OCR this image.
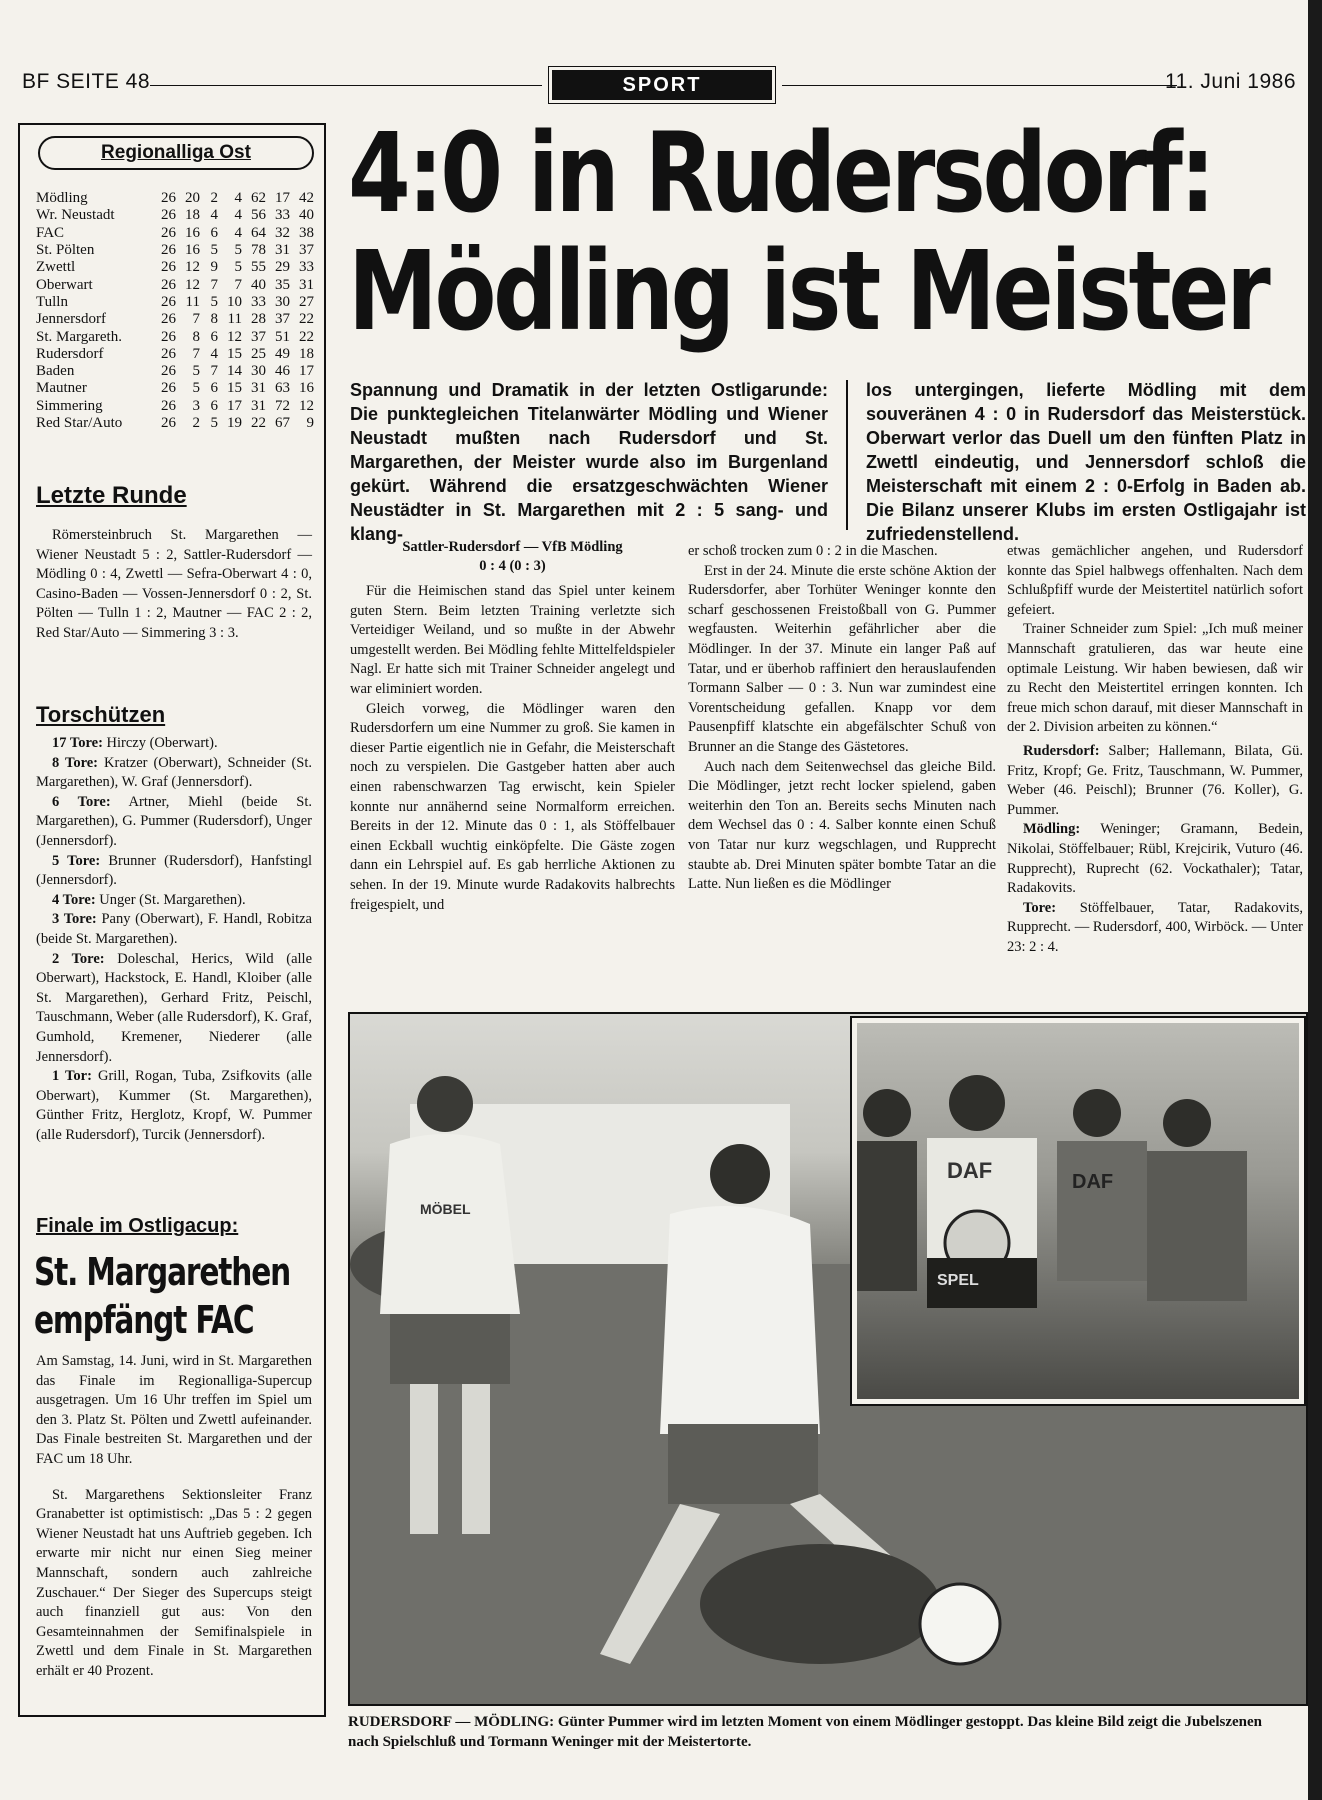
BF SEITE 48	SPORT	11. Juni 1986
Regionalliga Ost
Mödling	26	20	2	4	62	17	42
Wr. Neustadt	26	18	4	4	56	33	40
FAC	26	16	6	4	64	32	38
St. Pölten	26	16	5	5	78	31	37
Zwettl	26	12	9	5	55	29	33
Oberwart	26	12	7	7	40	35	31
Tulln	26	11	5	10	33	30	27
Jennersdorf	26	7	8	11	28	37	22
St. Margareth.	26	8	6	12	37	51	22
Rudersdorf	26	7	4	15	25	49	18
Baden	26	5	7	14	30	46	17
Mautner	26	5	6	15	31	63	16
Simmering	26	3	6	17	31	72	12
Red Star/Auto	26	2	5	19	22	67	9
Letzte Runde

Römersteinbruch St. Margarethen — Wiener Neustadt 5 : 2, Sattler-Rudersdorf — Mödling 0 : 4, Zwettl — Sefra-Oberwart 4 : 0, Casino-Baden — Vossen-Jennersdorf 0 : 2, St. Pölten — Tulln 1 : 2, Mautner — FAC 2 : 2, Red Star/Auto — Simmering 3 : 3.

Torschützen

17 Tore: Hirczy (Oberwart).

8 Tore: Kratzer (Oberwart), Schneider (St. Margarethen), W. Graf (Jennersdorf).

6 Tore: Artner, Miehl (beide St. Margarethen), G. Pummer (Rudersdorf), Unger (Jennersdorf).

5 Tore: Brunner (Rudersdorf), Hanfstingl (Jennersdorf).

4 Tore: Unger (St. Margarethen).

3 Tore: Pany (Oberwart), F. Handl, Robitza (beide St. Margarethen).

2 Tore: Doleschal, Herics, Wild (alle Oberwart), Hackstock, E. Handl, Kloiber (alle St. Margarethen), Gerhard Fritz, Peischl, Tauschmann, Weber (alle Rudersdorf), K. Graf, Gumhold, Kremener, Niederer (alle Jennersdorf).

1 Tor: Grill, Rogan, Tuba, Zsifkovits (alle Oberwart), Kummer (St. Margarethen), Günther Fritz, Herglotz, Kropf, W. Pummer (alle Rudersdorf), Turcik (Jennersdorf).

Finale im Ostligacup:
St. Margarethen
empfängt FAC

Am Samstag, 14. Juni, wird in St. Margarethen das Finale im Regionalliga-Supercup ausgetragen. Um 16 Uhr treffen im Spiel um den 3. Platz St. Pölten und Zwettl aufeinander. Das Finale bestreiten St. Margarethen und der FAC um 18 Uhr.

St. Margarethens Sektionsleiter Franz Granabetter ist optimistisch: „Das 5 : 2 gegen Wiener Neustadt hat uns Auftrieb gegeben. Ich erwarte mir nicht nur einen Sieg meiner Mannschaft, sondern auch zahlreiche Zuschauer.“ Der Sieger des Supercups steigt auch finanziell gut aus: Von den Gesamteinnahmen der Semifinalspiele in Zwettl und dem Finale in St. Margarethen erhält er 40 Prozent.

4:0 in Rudersdorf:
Mödling ist Meister
Spannung und Dramatik in der letzten Ostligarunde: Die punktegleichen Titelanwärter Mödling und Wiener Neustadt mußten nach Rudersdorf und St. Margarethen, der Meister wurde also im Burgenland gekürt. Während die ersatzgeschwächten Wiener Neustädter in St. Margarethen mit 2 : 5 sang- und klang-
los untergingen, lieferte Mödling mit dem souveränen 4 : 0 in Rudersdorf das Meisterstück. Oberwart verlor das Duell um den fünften Platz in Zwettl eindeutig, und Jennersdorf schloß die Meisterschaft mit einem 2 : 0-Erfolg in Baden ab. Die Bilanz unserer Klubs im ersten Ostligajahr ist zufriedenstellend.
Sattler-Rudersdorf — VfB Mödling
0 : 4 (0 : 3)

Für die Heimischen stand das Spiel unter keinem guten Stern. Beim letzten Training verletzte sich Verteidiger Weiland, und so mußte in der Abwehr umgestellt werden. Bei Mödling fehlte Mittelfeldspieler Nagl. Er hatte sich mit Trainer Schneider angelegt und war eliminiert worden.

Gleich vorweg, die Mödlinger waren den Rudersdorfern um eine Nummer zu groß. Sie kamen in dieser Partie eigentlich nie in Gefahr, die Meisterschaft noch zu verspielen. Die Gastgeber hatten aber auch einen rabenschwarzen Tag erwischt, kein Spieler konnte nur annähernd seine Normalform erreichen. Bereits in der 12. Minute das 0 : 1, als Stöffelbauer einen Eckball wuchtig einköpfelte. Die Gäste zogen dann ein Lehrspiel auf. Es gab herrliche Aktionen zu sehen. In der 19. Minute wurde Radakovits halbrechts freigespielt, und

er schoß trocken zum 0 : 2 in die Maschen.

Erst in der 24. Minute die erste schöne Aktion der Rudersdorfer, aber Torhüter Weninger konnte den scharf geschossenen Freistoßball von G. Pummer wegfausten. Weiterhin gefährlicher aber die Mödlinger. In der 37. Minute ein langer Paß auf Tatar, und er überhob raffiniert den herauslaufenden Tormann Salber — 0 : 3. Nun war zumindest eine Vorentscheidung gefallen. Knapp vor dem Pausenpfiff klatschte ein abgefälschter Schuß von Brunner an die Stange des Gästetores.

Auch nach dem Seitenwechsel das gleiche Bild. Die Mödlinger, jetzt recht locker spielend, gaben weiterhin den Ton an. Bereits sechs Minuten nach dem Wechsel das 0 : 4. Salber konnte einen Schuß von Tatar nur kurz wegschlagen, und Rupprecht staubte ab. Drei Minuten später bombte Tatar an die Latte. Nun ließen es die Mödlinger

etwas gemächlicher angehen, und Rudersdorf konnte das Spiel halbwegs offenhalten. Nach dem Schlußpfiff wurde der Meistertitel natürlich sofort gefeiert.

Trainer Schneider zum Spiel: „Ich muß meiner Mannschaft gratulieren, das war heute eine optimale Leistung. Wir haben bewiesen, daß wir zu Recht den Meistertitel erringen konnten. Ich freue mich schon darauf, mit dieser Mannschaft in der 2. Division arbeiten zu können.“

Rudersdorf: Salber; Hallemann, Bilata, Gü. Fritz, Kropf; Ge. Fritz, Tauschmann, W. Pummer, Weber (46. Peischl); Brunner (76. Koller), G. Pummer.

Mödling: Weninger; Gramann, Bedein, Nikolai, Stöffelbauer; Rübl, Krejcirik, Vuturo (46. Rupprecht), Ruprecht (62. Vockathaler); Tatar, Radakovits.

Tore: Stöffelbauer, Tatar, Radakovits, Rupprecht. — Rudersdorf, 400, Wirböck. — Unter 23: 2 : 4.

MÖBEL
DAF	DAF
SPEL
RUDERSDORF — MÖDLING: Günter Pummer wird im letzten Moment von einem Mödlinger gestoppt. Das kleine Bild zeigt die Jubelszenen nach Spielschluß und Tormann Weninger mit der Meistertorte.
